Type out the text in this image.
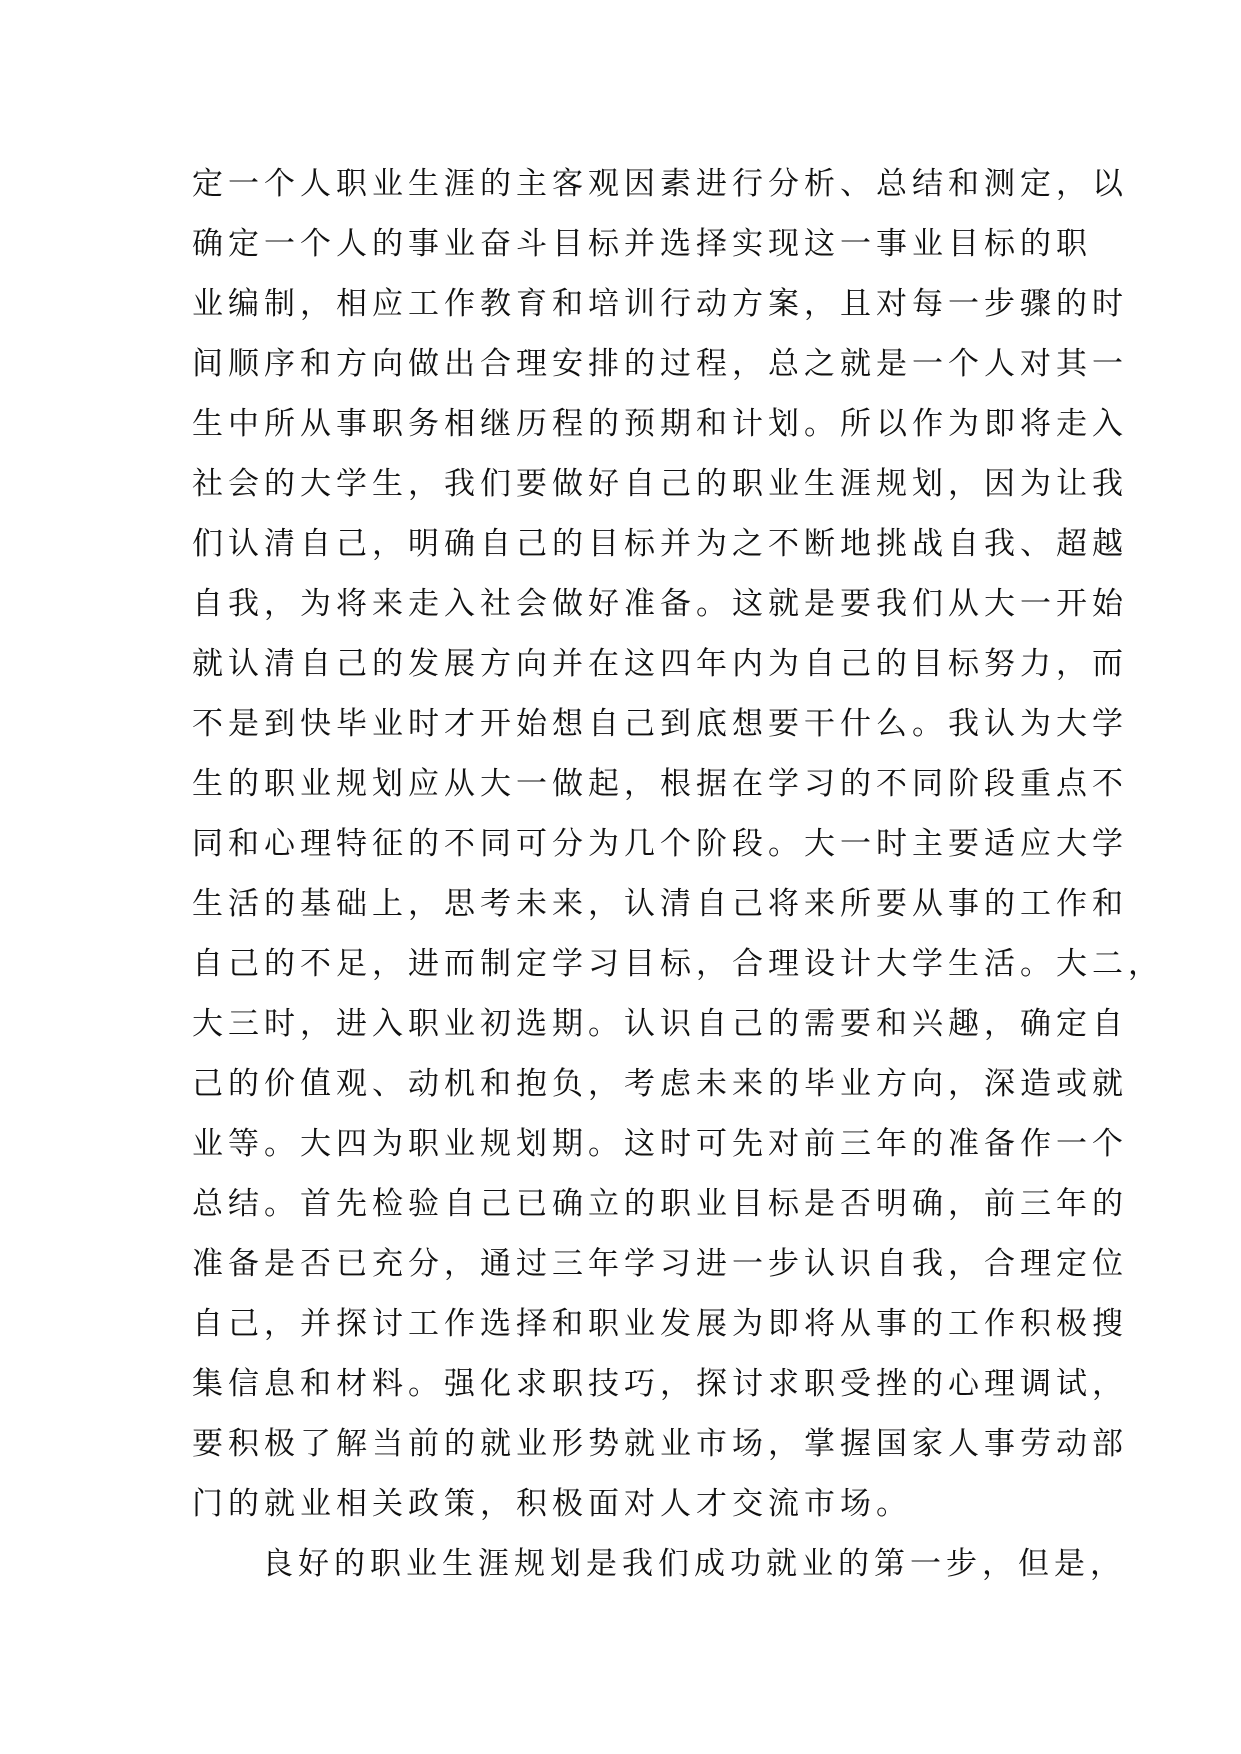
定一个人职业生涯的主客观因素进行分析、总结和测定，以
确定一个人的事业奋斗目标并选择实现这一事业目标的职
业编制，相应工作教育和培训行动方案，且对每一步骤的时
间顺序和方向做出合理安排的过程，总之就是一个人对其一
生中所从事职务相继历程的预期和计划。所以作为即将走入
社会的大学生，我们要做好自己的职业生涯规划，因为让我
们认清自己，明确自己的目标并为之不断地挑战自我、超越
自我，为将来走入社会做好准备。这就是要我们从大一开始
就认清自己的发展方向并在这四年内为自己的目标努力，而
不是到快毕业时才开始想自己到底想要干什么。我认为大学
生的职业规划应从大一做起，根据在学习的不同阶段重点不
同和心理特征的不同可分为几个阶段。大一时主要适应大学
生活的基础上，思考未来，认清自己将来所要从事的工作和
自己的不足，进而制定学习目标，合理设计大学生活。大二，
大三时，进入职业初选期。认识自己的需要和兴趣，确定自
己的价值观、动机和抱负，考虑未来的毕业方向，深造或就
业等。大四为职业规划期。这时可先对前三年的准备作一个
总结。首先检验自己已确立的职业目标是否明确，前三年的
准备是否已充分，通过三年学习进一步认识自我，合理定位
自己，并探讨工作选择和职业发展为即将从事的工作积极搜
集信息和材料。强化求职技巧，探讨求职受挫的心理调试，
要积极了解当前的就业形势就业市场，掌握国家人事劳动部
门的就业相关政策，积极面对人才交流市场。
良好的职业生涯规划是我们成功就业的第一步，但是，
